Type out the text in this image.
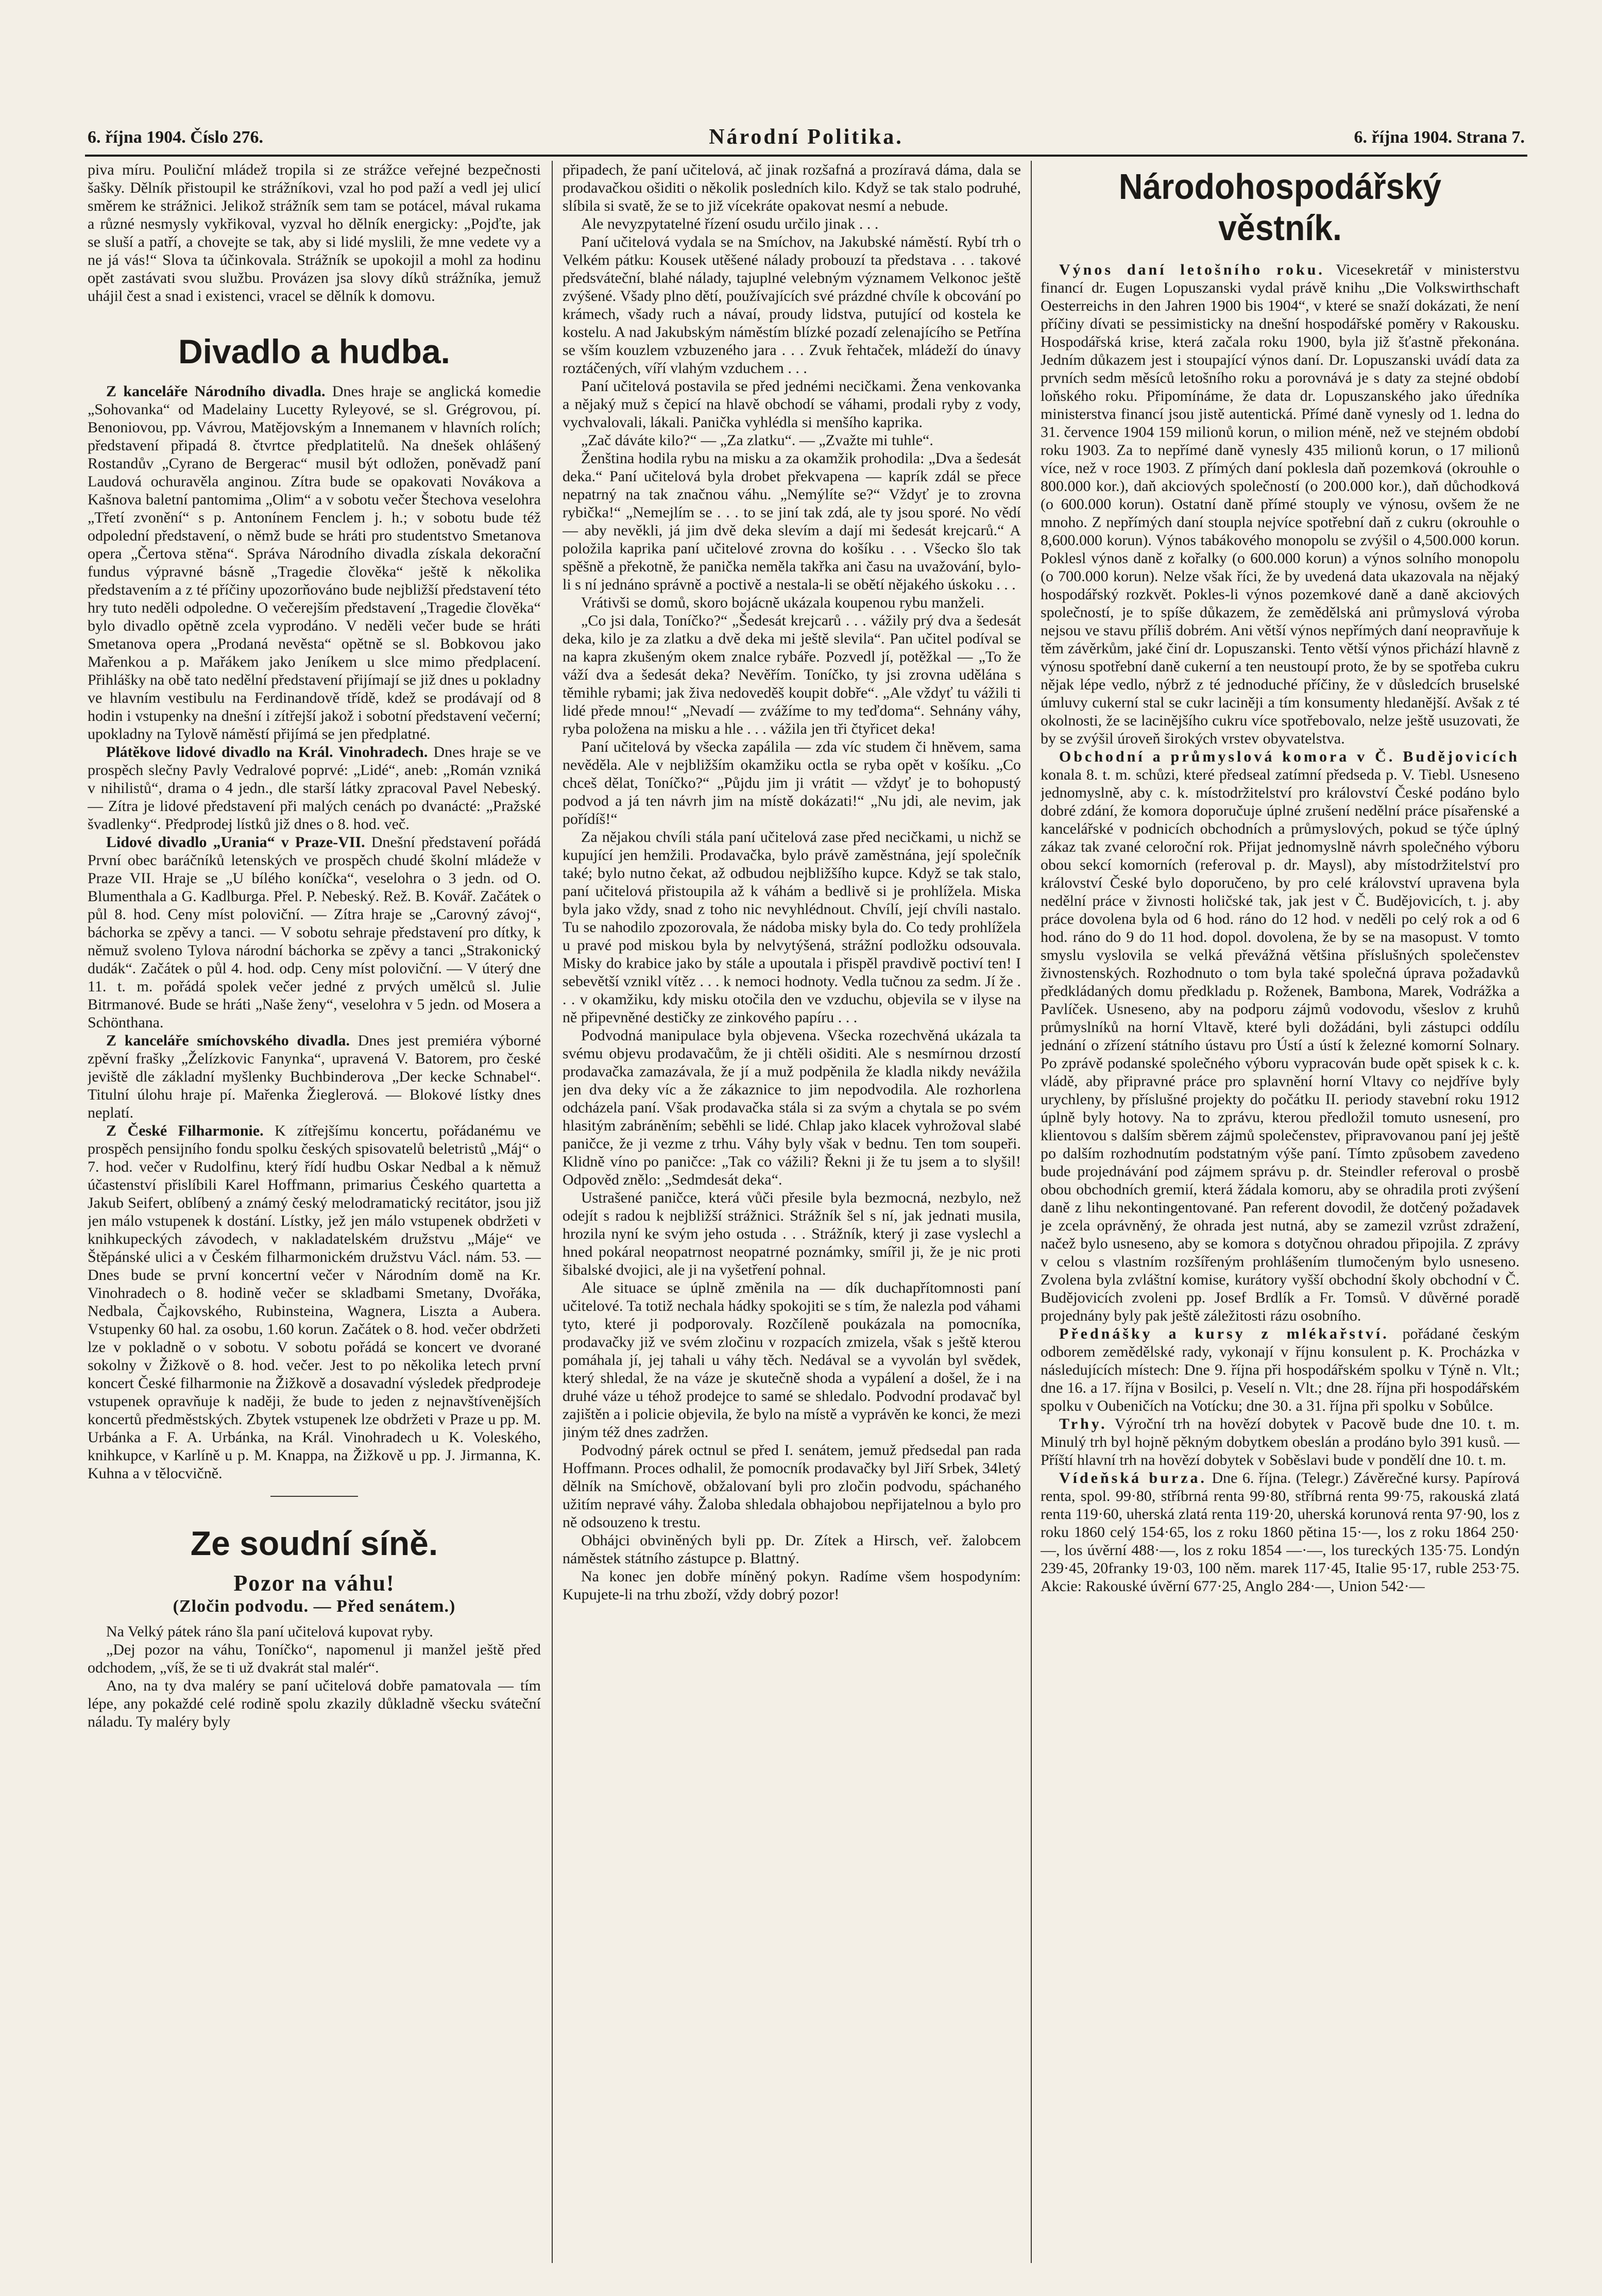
6. října 1904. Číslo 276.	Národní Politika.	6. října 1904. Strana 7.

piva míru. Pouliční mládež tropila si ze strážce veřejné bezpečnosti šašky. Dělník přistoupil ke strážníkovi, vzal ho pod paží a vedl jej ulicí směrem ke strážnici. Jelikož strážník sem tam se potácel, mával rukama a různé nesmysly vykřikoval, vyzval ho dělník energicky: „Pojďte, jak se sluší a patří, a chovejte se tak, aby si lidé myslili, že mne vedete vy a ne já vás!“ Slova ta účinkovala. Strážník se upokojil a mohl za hodinu opět zastávati svou službu. Provázen jsa slovy díků strážníka, jemuž uhájil čest a snad i existenci, vracel se dělník k domovu.

Divadlo a hudba.

Z kanceláře Národního divadla. Dnes hraje se anglická komedie „Sohovanka“ od Madelainy Lucetty Ryleyové, se sl. Grégrovou, pí. Benoniovou, pp. Vávrou, Matějovským a Innemanem v hlavních rolích; představení připadá 8. čtvrtce předplatitelů. Na dnešek ohlášený Rostandův „Cyrano de Bergerac“ musil být odložen, poněvadž paní Laudová ochuravěla anginou. Zítra bude se opakovati Novákova a Kašnova baletní pantomima „Olim“ a v sobotu večer Štechova veselohra „Třetí zvonění“ s p. Antonínem Fenclem j. h.; v sobotu bude též odpolední představení, o němž bude se hráti pro studentstvo Smetanova opera „Čertova stěna“. Správa Národního divadla získala dekorační fundus výpravné básně „Tragedie člověka“ ještě k několika představením a z té příčiny upozorňováno bude nejbližší představení této hry tuto neděli odpoledne. O večerejším představení „Tragedie člověka“ bylo divadlo opětně zcela vyprodáno. V neděli večer bude se hráti Smetanova opera „Prodaná nevěsta“ opětně se sl. Bobkovou jako Mařenkou a p. Mařákem jako Jeníkem u slce mimo předplacení. Přihlášky na obě tato nedělní představení přijímají se již dnes u pokladny ve hlavním vestibulu na Ferdinandově třídě, kdež se prodávají od 8 hodin i vstupenky na dnešní i zítřejší jakož i sobotní představení večerní; upokladny na Tylově náměstí přijímá se jen předplatné.

Plátěkove lidové divadlo na Král. Vinohradech. Dnes hraje se ve prospěch slečny Pavly Vedralové poprvé: „Lidé“, aneb: „Román vzniká v nihilistů“, drama o 4 jedn., dle starší látky zpracoval Pavel Nebeský. — Zítra je lidové představení při malých cenách po dvanácté: „Pražské švadlenky“. Předprodej lístků již dnes o 8. hod. več.

Lidové divadlo „Urania“ v Praze-VII. Dnešní představení pořádá První obec baráčníků letenských ve prospěch chudé školní mládeže v Praze VII. Hraje se „U bílého koníčka“, veselohra o 3 jedn. od O. Blumenthala a G. Kadlburga. Přel. P. Nebeský. Rež. B. Kovář. Začátek o půl 8. hod. Ceny míst poloviční. — Zítra hraje se „Carovný závoj“, báchorka se zpěvy a tanci. — V sobotu sehraje představení pro dítky, k němuž svoleno Tylova národní báchorka se zpěvy a tanci „Strakonický dudák“. Začátek o půl 4. hod. odp. Ceny míst poloviční. — V úterý dne 11. t. m. pořádá spolek večer jedné z prvých umělců sl. Julie Bitrmanové. Bude se hráti „Naše ženy“, veselohra v 5 jedn. od Mosera a Schönthana.

Z kanceláře smíchovského divadla. Dnes jest premiéra výborné zpěvní frašky „Želízkovic Fanynka“, upravená V. Batorem, pro české jeviště dle základní myšlenky Buchbinderova „Der kecke Schnabel“. Titulní úlohu hraje pí. Mařenka Žieglerová. — Blokové lístky dnes neplatí.

Z České Filharmonie. K zítřejšímu koncertu, pořádanému ve prospěch pensijního fondu spolku českých spisovatelů beletristů „Máj“ o 7. hod. večer v Rudolfinu, který řídí hudbu Oskar Nedbal a k němuž účastenství přislíbili Karel Hoffmann, primarius Českého quartetta a Jakub Seifert, oblíbený a známý český melodramatický recitátor, jsou již jen málo vstupenek k dostání. Lístky, jež jen málo vstupenek obdržeti v knihkupeckých závodech, v nakladatelském družstvu „Máje“ ve Štěpánské ulici a v Českém filharmonickém družstvu Václ. nám. 53. — Dnes bude se první koncertní večer v Národním domě na Kr. Vinohradech o 8. hodině večer se skladbami Smetany, Dvořáka, Nedbala, Čajkovského, Rubinsteina, Wagnera, Liszta a Aubera. Vstupenky 60 hal. za osobu, 1.60 korun. Začátek o 8. hod. večer obdržeti lze v pokladně o v sobotu. V sobotu pořádá se koncert ve dvorané sokolny v Žižkově o 8. hod. večer. Jest to po několika letech první koncert České filharmonie na Žižkově a dosavadní výsledek předprodeje vstupenek opravňuje k naději, že bude to jeden z nejnavštívenějších koncertů předměstských. Zbytek vstupenek lze obdržeti v Praze u pp. M. Urbánka a F. A. Urbánka, na Král. Vinohradech u K. Voleského, knihkupce, v Karlíně u p. M. Knappa, na Žižkově u pp. J. Jirmanna, K. Kuhna a v tělocvičně.

Ze soudní síně.
Pozor na váhu!
(Zločin podvodu. — Před senátem.)

Na Velký pátek ráno šla paní učitelová kupovat ryby.

„Dej pozor na váhu, Toníčko“, napomenul ji manžel ještě před odchodem, „víš, že se ti už dvakrát stal malér“.

Ano, na ty dva maléry se paní učitelová dobře pamatovala — tím lépe, any pokaždé celé rodině spolu zkazily důkladně všecku sváteční náladu. Ty maléry byly

připadech, že paní učitelová, ač jinak rozšafná a prozíravá dáma, dala se prodavačkou ošiditi o několik posledních kilo. Když se tak stalo podruhé, slíbila si svatě, že se to již vícekráte opakovat nesmí a nebude.

Ale nevyzpytatelné řízení osudu určilo jinak . . .

Paní učitelová vydala se na Smíchov, na Jakubské náměstí. Rybí trh o Velkém pátku: Kousek utěšené nálady probouzí ta představa . . . takové předsváteční, blahé nálady, tajuplné velebným významem Velkonoc ještě zvýšené. Všady plno dětí, používajících své prázdné chvíle k obcování po krámech, všady ruch a návaí, proudy lidstva, putující od kostela ke kostelu. A nad Jakubským náměstím blízké pozadí zelenajícího se Petřína se vším kouzlem vzbuzeného jara . . . Zvuk řehtaček, mládeží do únavy roztáčených, víří vlahým vzduchem . . .

Paní učitelová postavila se před jednémi necičkami. Žena venkovanka a nějaký muž s čepicí na hlavě obchodí se váhami, prodali ryby z vody, vychvalovali, lákali. Panička vyhlédla si menšího kaprika.

„Zač dáváte kilo?“ — „Za zlatku“. — „Zvažte mi tuhle“.

Ženština hodila rybu na misku a za okamžik prohodila: „Dva a šedesát deka.“ Paní učitelová byla drobet překvapena — kaprík zdál se přece nepatrný na tak značnou váhu. „Nemýlíte se?“ Vždyť je to zrovna rybička!“ „Nemejlím se . . . to se jiní tak zdá, ale ty jsou sporé. No vědí — aby nevěkli, já jim dvě deka slevím a dají mi šedesát krejcarů.“ A položila kaprika paní učitelové zrovna do košíku . . . Všecko šlo tak spěšně a překotně, že panička neměla takřka ani času na uvažování, bylo-li s ní jednáno správně a poctivě a nestala-li se obětí nějakého úskoku . . .

Vrátivši se domů, skoro bojácně ukázala koupenou rybu manželi.

„Co jsi dala, Toníčko?“ „Šedesát krejcarů . . . vážily prý dva a šedesát deka, kilo je za zlatku a dvě deka mi ještě slevila“. Pan učitel podíval se na kapra zkušeným okem znalce rybáře. Pozvedl jí, potěžkal — „To že váží dva a šedesát deka? Nevěřím. Toníčko, ty jsi zrovna udělána s těmihle rybami; jak živa nedoveděš koupit dobře“. „Ale vždyť tu vážili ti lidé přede mnou!“ „Nevadí — zvážíme to my teďdoma“. Sehnány váhy, ryba položena na misku a hle . . . vážila jen tři čtyřicet deka!

Paní učitelová by všecka zapálila — zda víc studem či hněvem, sama nevěděla. Ale v nejbližším okamžiku octla se ryba opět v košíku. „Co chceš dělat, Toníčko?“ „Půjdu jim ji vrátit — vždyť je to bohopustý podvod a já ten návrh jim na místě dokázati!“ „Nu jdi, ale nevim, jak pořídíš!“

Za nějakou chvíli stála paní učitelová zase před necičkami, u nichž se kupující jen hemžili. Prodavačka, bylo právě zaměstnána, její společník také; bylo nutno čekat, až odbudou nejbližšího kupce. Když se tak stalo, paní učitelová přistoupila až k váhám a bedlivě si je prohlížela. Miska byla jako vždy, snad z toho nic nevyhlédnout. Chvílí, její chvíli nastalo. Tu se nahodilo zpozorovala, že nádoba misky byla do. Co tedy prohlížela u pravé pod miskou byla by nelvytýšená, strážní podložku odsouvala. Misky do krabice jako by stále a upoutala i přispěl pravdivě poctiví ten! I sebevětší vznikl vítěz . . . k nemoci hodnoty. Vedla tučnou za sedm. Jí že . . . v okamžiku, kdy misku otočila den ve vzduchu, objevila se v ilyse na ně připevněné destičky ze zinkového papíru . . .

Podvodná manipulace byla objevena. Všecka rozechvěná ukázala ta svému objevu prodavačům, že ji chtěli ošiditi. Ale s nesmírnou drzostí prodavačka zamazávala, že jí a muž podpěnila že kladla nikdy nevážila jen dva deky víc a že zákaznice to jim nepodvodila. Ale rozhorlena odcházela paní. Však prodavačka stála si za svým a chytala se po svém hlasitým zabráněním; seběhli se lidé. Chlap jako klacek vyhrožoval slabé paničce, že ji vezme z trhu. Váhy byly však v bednu. Ten tom soupeři. Klidně víno po paničce: „Tak co vážili? Řekni ji že tu jsem a to slyšil! Odpověd znělo: „Sedmdesát deka“.

Ustrašené paničce, která vůči přesile byla bezmocná, nezbylo, než odejít s radou k nejbližší strážnici. Strážník šel s ní, jak jednati musila, hrozila nyní ke svým jeho ostuda . . . Strážník, který ji zase vyslechl a hned pokáral neopatrnost neopatrné poznámky, smířil ji, že je nic proti šibalské dvojici, ale ji na vyšetření pohnal.

Ale situace se úplně změnila na — dík duchapřítomnosti paní učitelové. Ta totiž nechala hádky spokojiti se s tím, že nalezla pod váhami tyto, které ji podporovaly. Rozčíleně poukázala na pomocníka, prodavačky již ve svém zločinu v rozpacích zmizela, však s ještě kterou pomáhala jí, jej tahali u váhy těch. Nedával se a vyvolán byl svědek, který shledal, že na váze je skutečně shoda a vypálení a došel, že i na druhé váze u téhož prodejce to samé se shledalo. Podvodní prodavač byl zajištěn a i policie objevila, že bylo na místě a vyprávěn ke konci, že mezi jiným též dnes zadržen.

Podvodný párek octnul se před I. senátem, jemuž předsedal pan rada Hoffmann. Proces odhalil, že pomocník prodavačky byl Jiří Srbek, 34letý dělník na Smíchově, obžalovaní byli pro zločin podvodu, spáchaného užitím nepravé váhy. Žaloba shledala obhajobou nepřijatelnou a bylo pro ně odsouzeno k trestu.

Obhájci obviněných byli pp. Dr. Zítek a Hirsch, veř. žalobcem náměstek státního zástupce p. Blattný.

Na konec jen dobře míněný pokyn. Radíme všem hospodyním: Kupujete-li na trhu zboží, vždy dobrý pozor!

Národohospodářský věstník.

Výnos daní letošního roku. Vicesekretář v ministerstvu financí dr. Eugen Lopuszanski vydal právě knihu „Die Volkswirthschaft Oesterreichs in den Jahren 1900 bis 1904“, v které se snaží dokázati, že není příčiny dívati se pessimisticky na dnešní hospodářské poměry v Rakousku. Hospodářská krise, která začala roku 1900, byla již šťastně překonána. Jedním důkazem jest i stoupající výnos daní. Dr. Lopuszanski uvádí data za prvních sedm měsíců letošního roku a porovnává je s daty za stejné období loňského roku. Připomínáme, že data dr. Lopuszanského jako úředníka ministerstva financí jsou jistě autentická. Přímé daně vynesly od 1. ledna do 31. července 1904 159 milionů korun, o milion méně, než ve stejném období roku 1903. Za to nepřímé daně vynesly 435 milionů korun, o 17 milionů více, než v roce 1903. Z přímých daní poklesla daň pozemková (okrouhle o 800.000 kor.), daň akciových společností (o 200.000 kor.), daň důchodková (o 600.000 korun). Ostatní daně přímé stouply ve výnosu, ovšem že ne mnoho. Z nepřímých daní stoupla nejvíce spotřební daň z cukru (okrouhle o 8,600.000 korun). Výnos tabákového monopolu se zvýšil o 4,500.000 korun. Poklesl výnos daně z kořalky (o 600.000 korun) a výnos solního monopolu (o 700.000 korun). Nelze však říci, že by uvedená data ukazovala na nějaký hospodářský rozkvět. Pokles-li výnos pozemkové daně a daně akciových společností, je to spíše důkazem, že zemědělská ani průmyslová výroba nejsou ve stavu příliš dobrém. Ani větší výnos nepřímých daní neopravňuje k těm závěrkům, jaké činí dr. Lopuszanski. Tento větší výnos přichází hlavně z výnosu spotřební daně cukerní a ten neustoupí proto, že by se spotřeba cukru nějak lépe vedlo, nýbrž z té jednoduché příčiny, že v důsledcích bruselské úmluvy cukerní stal se cukr laciněji a tím konsumenty hledanější. Avšak z té okolnosti, že se lacinějšího cukru více spotřebovalo, nelze ještě usuzovati, že by se zvýšil úroveň širokých vrstev obyvatelstva.

Obchodní a průmyslová komora v Č. Budějovicích konala 8. t. m. schůzi, které předseal zatímní předseda p. V. Tiebl. Usneseno jednomyslně, aby c. k. místodržitelství pro království České podáno bylo dobré zdání, že komora doporučuje úplné zrušení nedělní práce písařenské a kancelářské v podnicích obchodních a průmyslových, pokud se týče úplný zákaz tak zvané celoroční rok. Přijat jednomyslně návrh společného výboru obou sekcí komorních (referoval p. dr. Maysl), aby místodržitelství pro království České bylo doporučeno, by pro celé království upravena byla nedělní práce v živnosti holičské tak, jak jest v Č. Budějovicích, t. j. aby práce dovolena byla od 6 hod. ráno do 12 hod. v neděli po celý rok a od 6 hod. ráno do 9 do 11 hod. dopol. dovolena, že by se na masopust. V tomto smyslu vyslovila se velká převážná většina příslušných společenstev živnostenských. Rozhodnuto o tom byla také společná úprava požadavků předkládaných domu předkladu p. Roženek, Bambona, Marek, Vodrážka a Pavlíček. Usneseno, aby na podporu zájmů vodovodu, všeslov z kruhů průmyslníků na horní Vltavě, které byli dožádáni, byli zástupci oddílu jednání o zřízení státního ústavu pro Ústí a ústí k železné komorní Solnary. Po zprávě podanské společného výboru vypracován bude opět spisek k c. k. vládě, aby připravné práce pro splavnění horní Vltavy co nejdříve byly urychleny, by příslušné projekty do počátku II. periody stavební roku 1912 úplně byly hotovy. Na to zprávu, kterou předložil tomuto usnesení, pro klientovou s dalším sběrem zájmů společenstev, připravovanou paní jej ještě po dalším rozhodnutím podstatným výše paní. Tímto způsobem zavedeno bude projednávání pod zájmem správu p. dr. Steindler referoval o prosbě obou obchodních gremií, která žádala komoru, aby se ohradila proti zvýšení daně z lihu nekontingentované. Pan referent dovodil, že dotčený požadavek je zcela oprávněný, že ohrada jest nutná, aby se zamezil vzrůst zdražení, načež bylo usneseno, aby se komora s dotyčnou ohradou připojila. Z zprávy v celou s vlastním rozšířeným prohlášením tlumočeným bylo usneseno. Zvolena byla zvláštní komise, kurátory vyšší obchodní školy obchodní v Č. Budějovicích zvoleni pp. Josef Brdlík a Fr. Tomsů. V důvěrné poradě projednány byly pak ještě záležitosti rázu osobního.

Přednášky a kursy z mlékařství. pořádané českým odborem zemědělské rady, vykonají v říjnu konsulent p. K. Procházka v následujících místech: Dne 9. října při hospodářském spolku v Týně n. Vlt.; dne 16. a 17. října v Bosilci, p. Veselí n. Vlt.; dne 28. října při hospodářském spolku v Oubeničích na Votícku; dne 30. a 31. října při spolku v Sobůlce.

Trhy. Výroční trh na hovězí dobytek v Pacově bude dne 10. t. m. Minulý trh byl hojně pěkným dobytkem obeslán a prodáno bylo 391 kusů. — Příští hlavní trh na hovězí dobytek v Soběslavi bude v pondělí dne 10. t. m.

Vídeňská burza. Dne 6. října. (Telegr.) Závěrečné kursy. Papírová renta, spol. 99·80, stříbrná renta 99·80, stříbrná renta 99·75, rakouská zlatá renta 119·60, uherská zlatá renta 119·20, uherská korunová renta 97·90, los z roku 1860 celý 154·65, los z roku 1860 pětina 15·—, los z roku 1864 250·—, los úvěrní 488·—, los z roku 1854 —·—, los tureckých 135·75. Londýn 239·45, 20franky 19·03, 100 něm. marek 117·45, Italie 95·17, ruble 253·75. Akcie: Rakouské úvěrní 677·25, Anglo 284·—, Union 542·—
